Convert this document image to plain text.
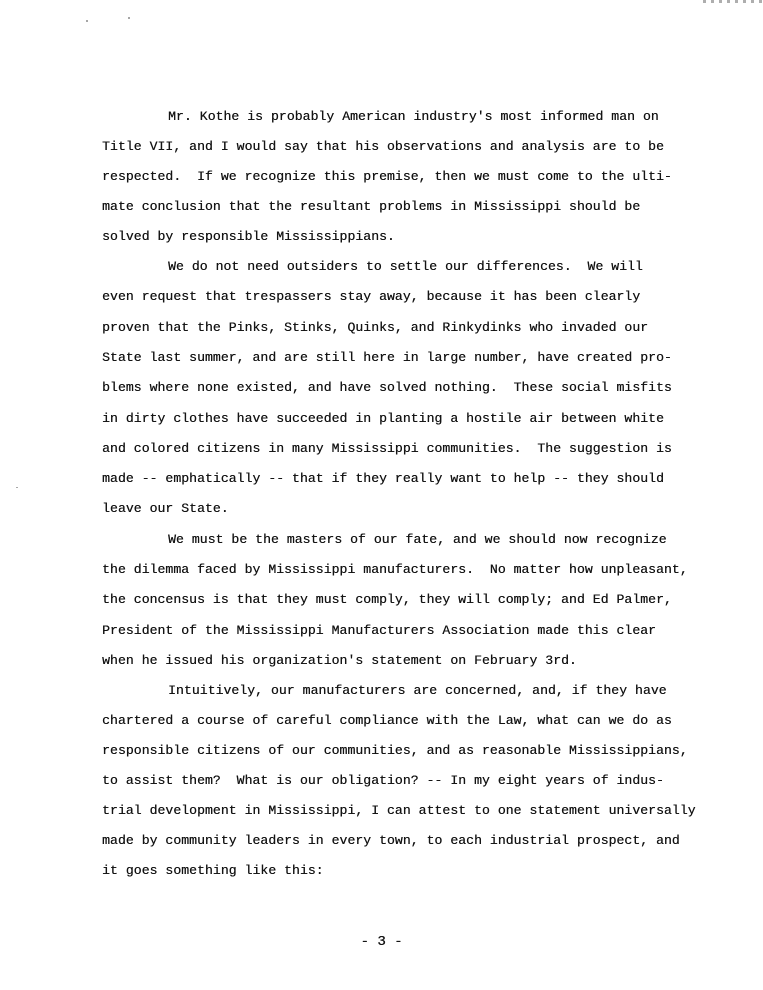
Mr. Kothe is probably American industry's most informed man on
Title VII, and I would say that his observations and analysis are to be
respected.  If we recognize this premise, then we must come to the ulti-
mate conclusion that the resultant problems in Mississippi should be
solved by responsible Mississippians.
We do not need outsiders to settle our differences.  We will
even request that trespassers stay away, because it has been clearly
proven that the Pinks, Stinks, Quinks, and Rinkydinks who invaded our
State last summer, and are still here in large number, have created pro-
blems where none existed, and have solved nothing.  These social misfits
in dirty clothes have succeeded in planting a hostile air between white
and colored citizens in many Mississippi communities.  The suggestion is
made -- emphatically -- that if they really want to help -- they should
leave our State.
We must be the masters of our fate, and we should now recognize
the dilemma faced by Mississippi manufacturers.  No matter how unpleasant,
the concensus is that they must comply, they will comply; and Ed Palmer,
President of the Mississippi Manufacturers Association made this clear
when he issued his organization's statement on February 3rd.
Intuitively, our manufacturers are concerned, and, if they have
chartered a course of careful compliance with the Law, what can we do as
responsible citizens of our communities, and as reasonable Mississippians,
to assist them?  What is our obligation? -- In my eight years of indus-
trial development in Mississippi, I can attest to one statement universally
made by community leaders in every town, to each industrial prospect, and
it goes something like this:
- 3 -
